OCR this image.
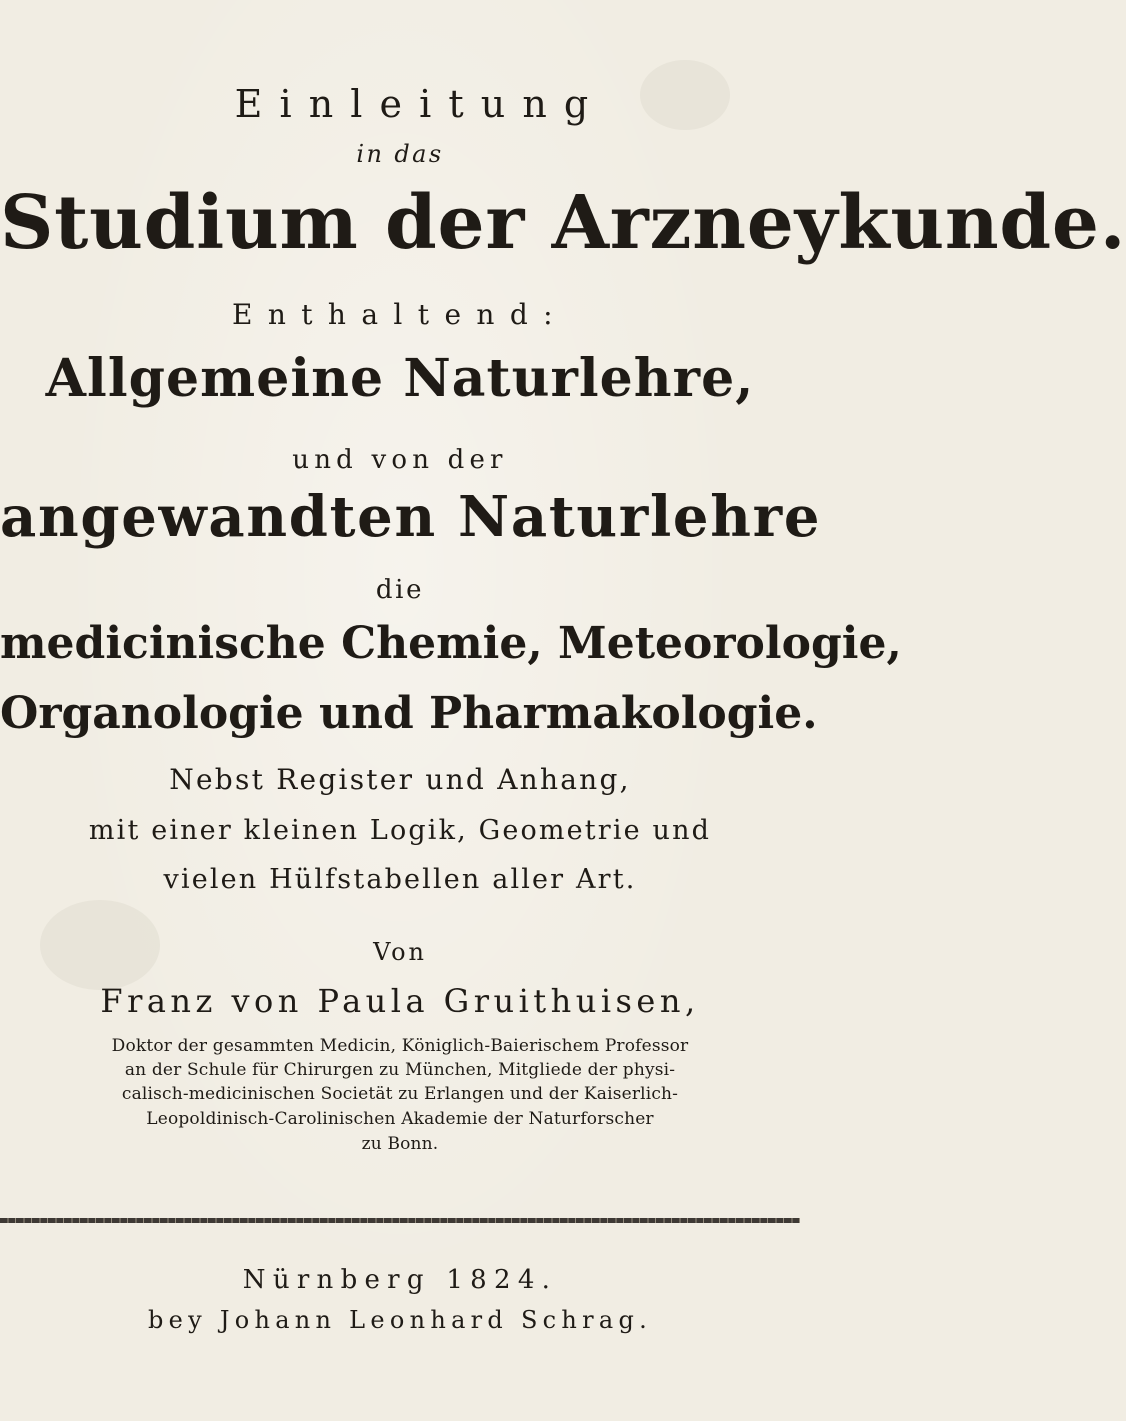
Einleitung
in das
Studium der Arzneykunde.
Enthaltend:
Allgemeine Naturlehre,
und von der
angewandten Naturlehre
die
medicinische Chemie, Meteorologie,
Organologie und Pharmakologie.
Nebst Register und Anhang,
mit einer kleinen Logik, Geometrie und
vielen Hülfstabellen aller Art.
Von
Franz von Paula Gruithuisen,
Doktor der gesammten Medicin, Königlich-Baierischem Professor
an der Schule für Chirurgen zu München, Mitgliede der physi-
calisch-medicinischen Societät zu Erlangen und der Kaiserlich-
Leopoldinisch-Carolinischen Akademie der Naturforscher
zu Bonn.
Nürnberg 1824.
bey Johann Leonhard Schrag.
